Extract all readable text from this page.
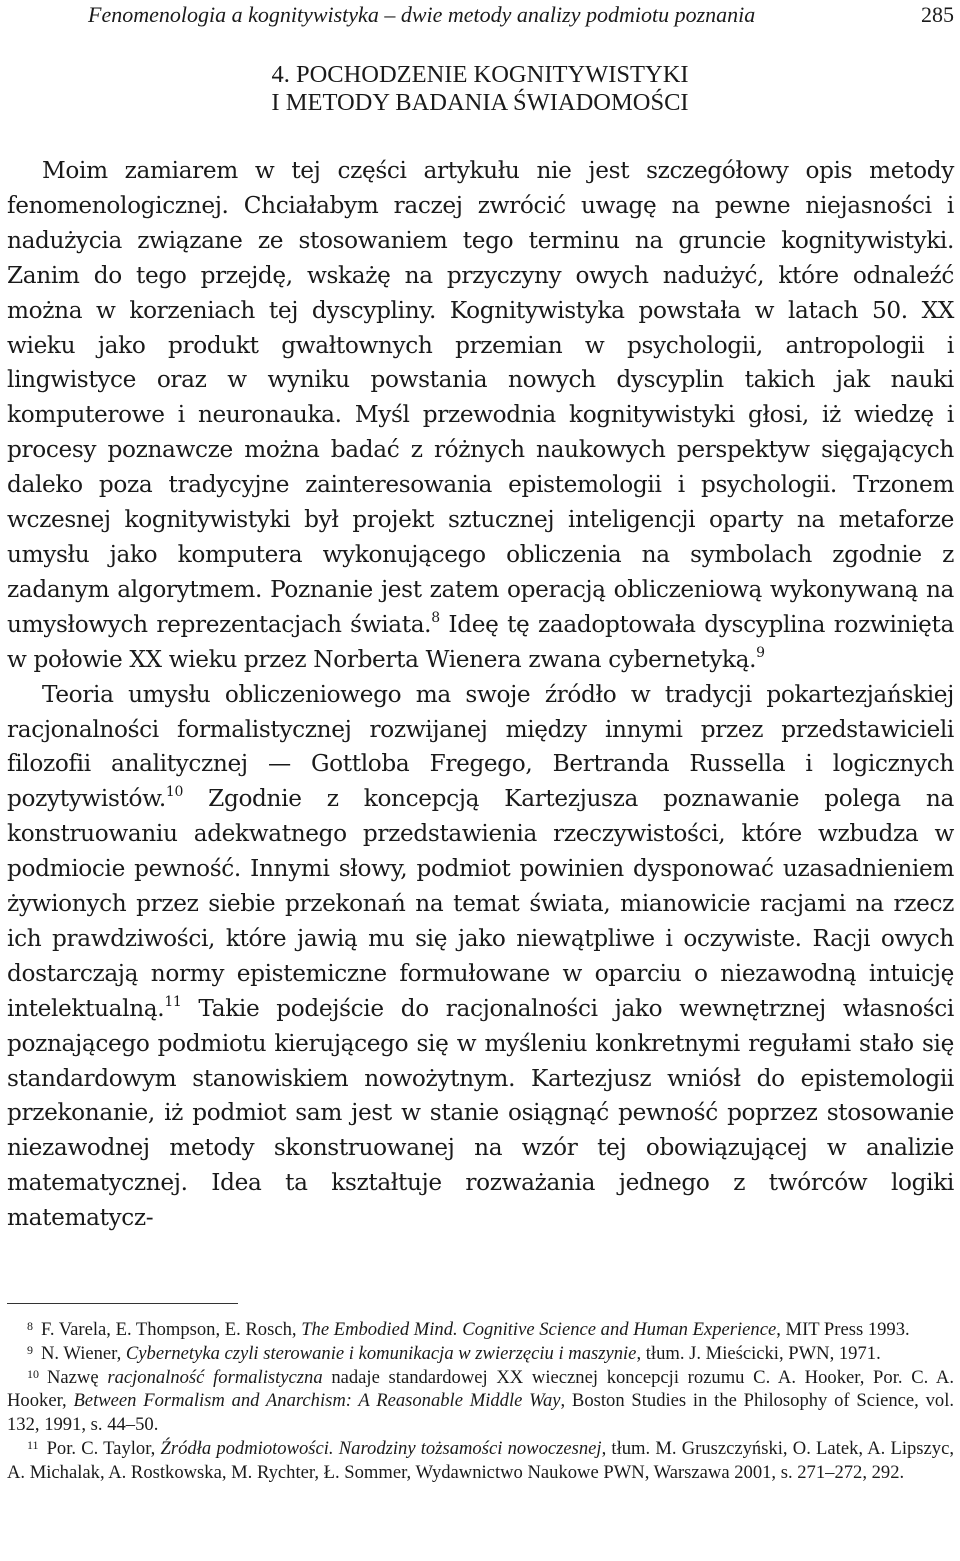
Fenomenologia a kognitywistyka – dwie metody analizy podmiotu poznania	285
4. POCHODZENIE KOGNITYWISTYKI
I METODY BADANIA ŚWIADOMOŚCI

Moim zamiarem w tej części artykułu nie jest szczegółowy opis metody fenomenologicznej. Chciałabym raczej zwrócić uwagę na pewne niejasności i nadużycia związane ze stosowaniem tego terminu na gruncie kognitywistyki. Zanim do tego przejdę, wskażę na przyczyny owych nadużyć, które odnaleźć można w korzeniach tej dyscypliny. Kognitywistyka powstała w latach 50. XX wieku jako produkt gwałtownych przemian w psychologii, antropologii i lingwistyce oraz w wyniku powstania nowych dyscyplin takich jak nauki komputerowe i neuronauka. Myśl przewodnia kognitywistyki głosi, iż wiedzę i procesy poznawcze można badać z różnych naukowych perspektyw sięgających daleko poza tradycyjne zainteresowania epistemologii i psychologii. Trzonem wczesnej kognitywistyki był projekt sztucznej inteligencji oparty na metaforze umysłu jako komputera wykonującego obliczenia na symbolach zgodnie z zadanym algorytmem. Poznanie jest zatem operacją obliczeniową wykonywaną na umysłowych reprezentacjach świata.$^8$ Ideę tę zaadoptowała dyscyplina rozwinięta w połowie XX wieku przez Norberta Wienera zwana cybernetyką.$^9$

Teoria umysłu obliczeniowego ma swoje źródło w tradycji pokartezjańskiej racjonalności formalistycznej rozwijanej między innymi przez przedstawicieli filozofii analitycznej — Gottloba Fregego, Bertranda Russella i logicznych pozytywistów.$^{10}$ Zgodnie z koncepcją Kartezjusza poznawanie polega na konstruowaniu adekwatnego przedstawienia rzeczywistości, które wzbudza w podmiocie pewność. Innymi słowy, podmiot powinien dysponować uzasadnieniem żywionych przez siebie przekonań na temat świata, mianowicie racjami na rzecz ich prawdziwości, które jawią mu się jako niewątpliwe i oczywiste. Racji owych dostarczają normy epistemiczne formułowane w oparciu o niezawodną intuicję intelektualną.$^{11}$ Takie podejście do racjonalności jako wewnętrznej własności poznającego podmiotu kierującego się w myśleniu konkretnymi regułami stało się standardowym stanowiskiem nowożytnym. Kartezjusz wniósł do epistemologii przekonanie, iż podmiot sam jest w stanie osiągnąć pewność poprzez stosowanie niezawodnej metody skonstruowanej na wzór tej obowiązującej w analizie matematycznej. Idea ta kształtuje rozważania jednego z twórców logiki matematycz-

$^8$ F. Varela, E. Thompson, E. Rosch, The Embodied Mind. Cognitive Science and Human Experience, MIT Press 1993.

$^9$ N. Wiener, Cybernetyka czyli sterowanie i komunikacja w zwierzęciu i maszynie, tłum. J. Mieścicki, PWN, 1971.

$^{10}$ Nazwę racjonalność formalistyczna nadaje standardowej XX wiecznej koncepcji rozumu C. A. Hooker, Por. C. A. Hooker, Between Formalism and Anarchism: A Reasonable Middle Way, Boston Studies in the Philosophy of Science, vol. 132, 1991, s. 44–50.

$^{11}$ Por. C. Taylor, Źródła podmiotowości. Narodziny tożsamości nowoczesnej, tłum. M. Gruszczyński, O. Latek, A. Lipszyc, A. Michalak, A. Rostkowska, M. Rychter, Ł. Sommer, Wydawnictwo Naukowe PWN, Warszawa 2001, s. 271–272, 292.
